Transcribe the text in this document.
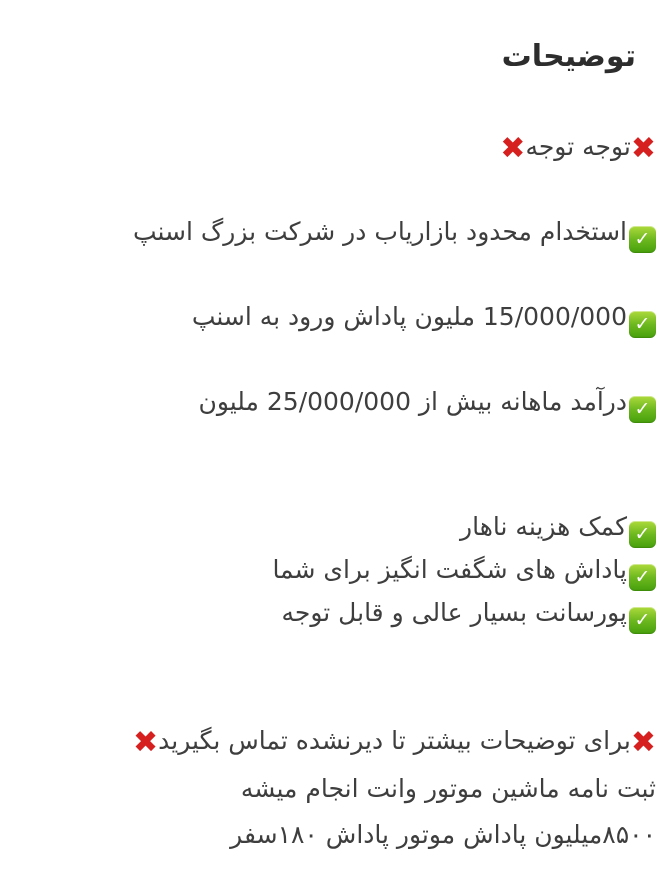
توضیحات
✖توجه توجه✖
✓استخدام محدود بازاریاب در شرکت بزرگ اسنپ
✓15/000/000 ملیون پاداش ورود به اسنپ
✓درآمد ماهانه بیش از 25/000/000 ملیون
✓کمک هزینه ناهار
✓پاداش های شگفت انگیز برای شما
✓پورسانت بسیار عالی و قابل توجه
✖برای توضیحات بیشتر تا دیرنشده تماس بگیرید✖
ثبت نامه ماشین موتور وانت انجام میشه
۸۵۰۰میلیون پاداش موتور پاداش ۱۸۰سفر
